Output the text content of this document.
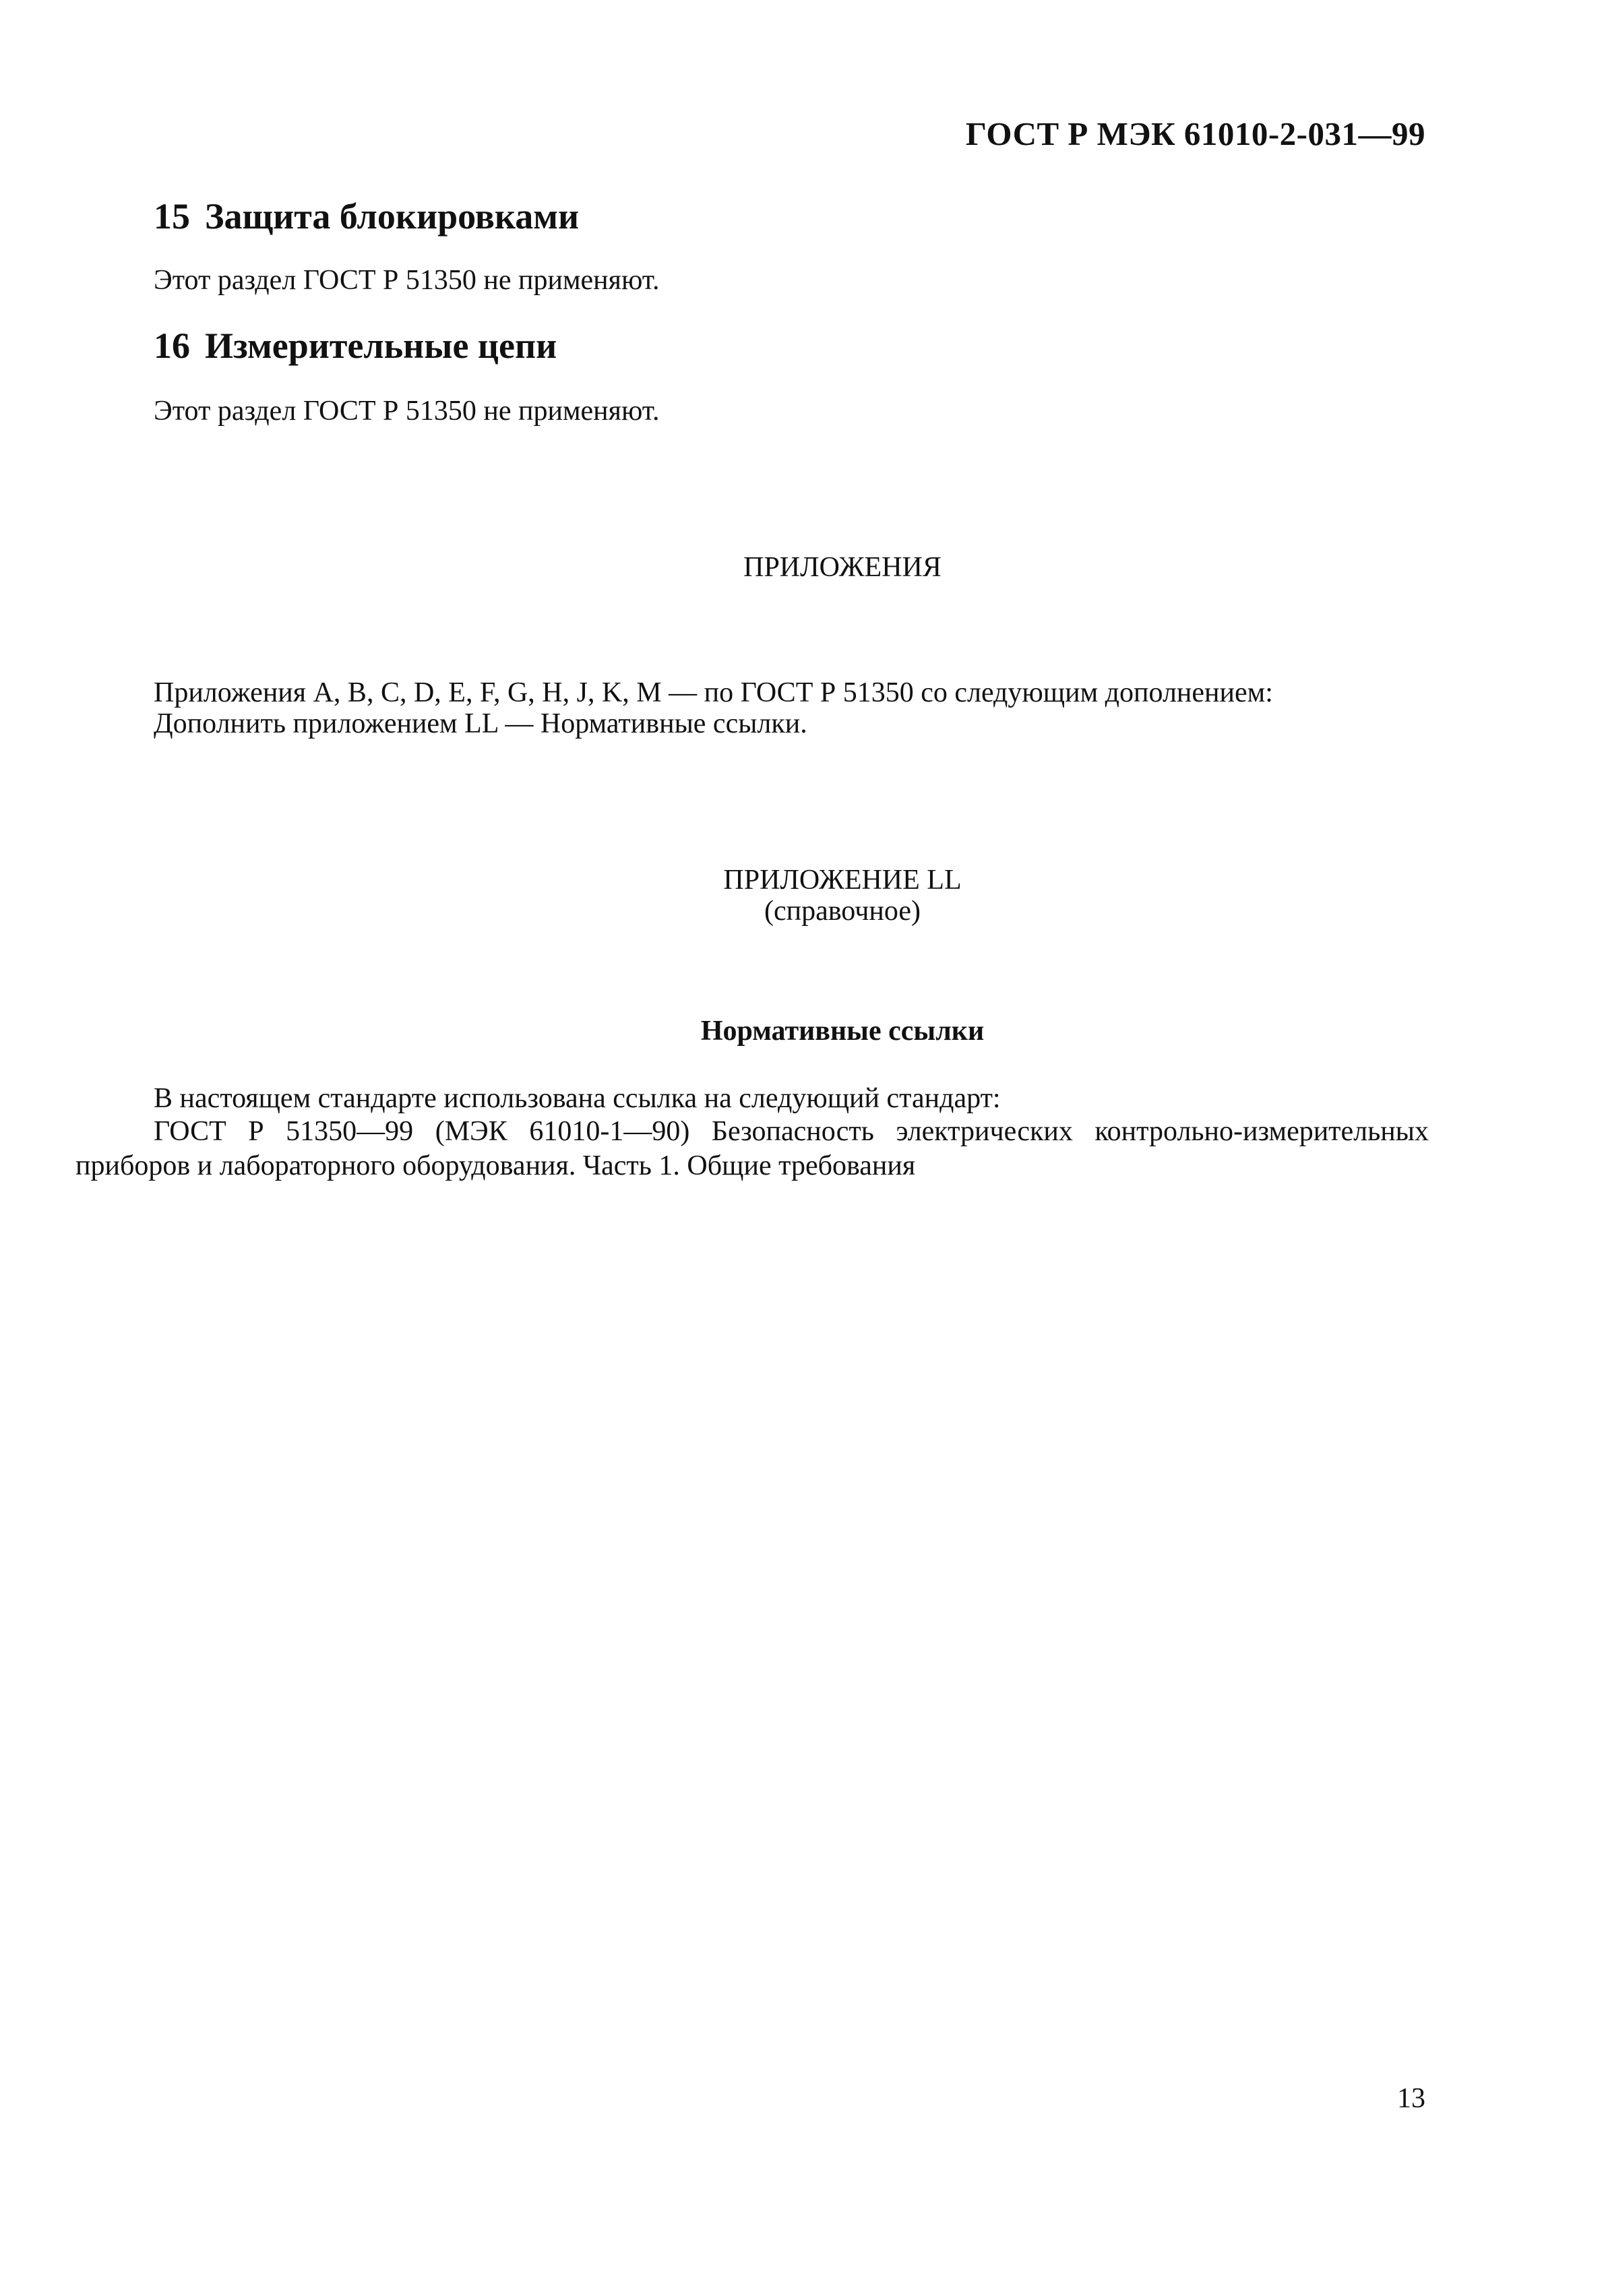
ГОСТ Р МЭК 61010-2-031—99
15 Защита блокировками
Этот раздел ГОСТ Р 51350 не применяют.
16 Измерительные цепи
Этот раздел ГОСТ Р 51350 не применяют.
ПРИЛОЖЕНИЯ
Приложения A, B, C, D, E, F, G, H, J, K, M — по ГОСТ Р 51350 со следующим дополнением:
Дополнить приложением LL — Нормативные ссылки.
ПРИЛОЖЕНИЕ LL
(справочное)
Нормативные ссылки
В настоящем стандарте использована ссылка на следующий стандарт:
ГОСТ Р 51350—99 (МЭК 61010-1—90) Безопасность электрических контрольно-измерительных приборов и лабораторного оборудования. Часть 1. Общие требования
13
